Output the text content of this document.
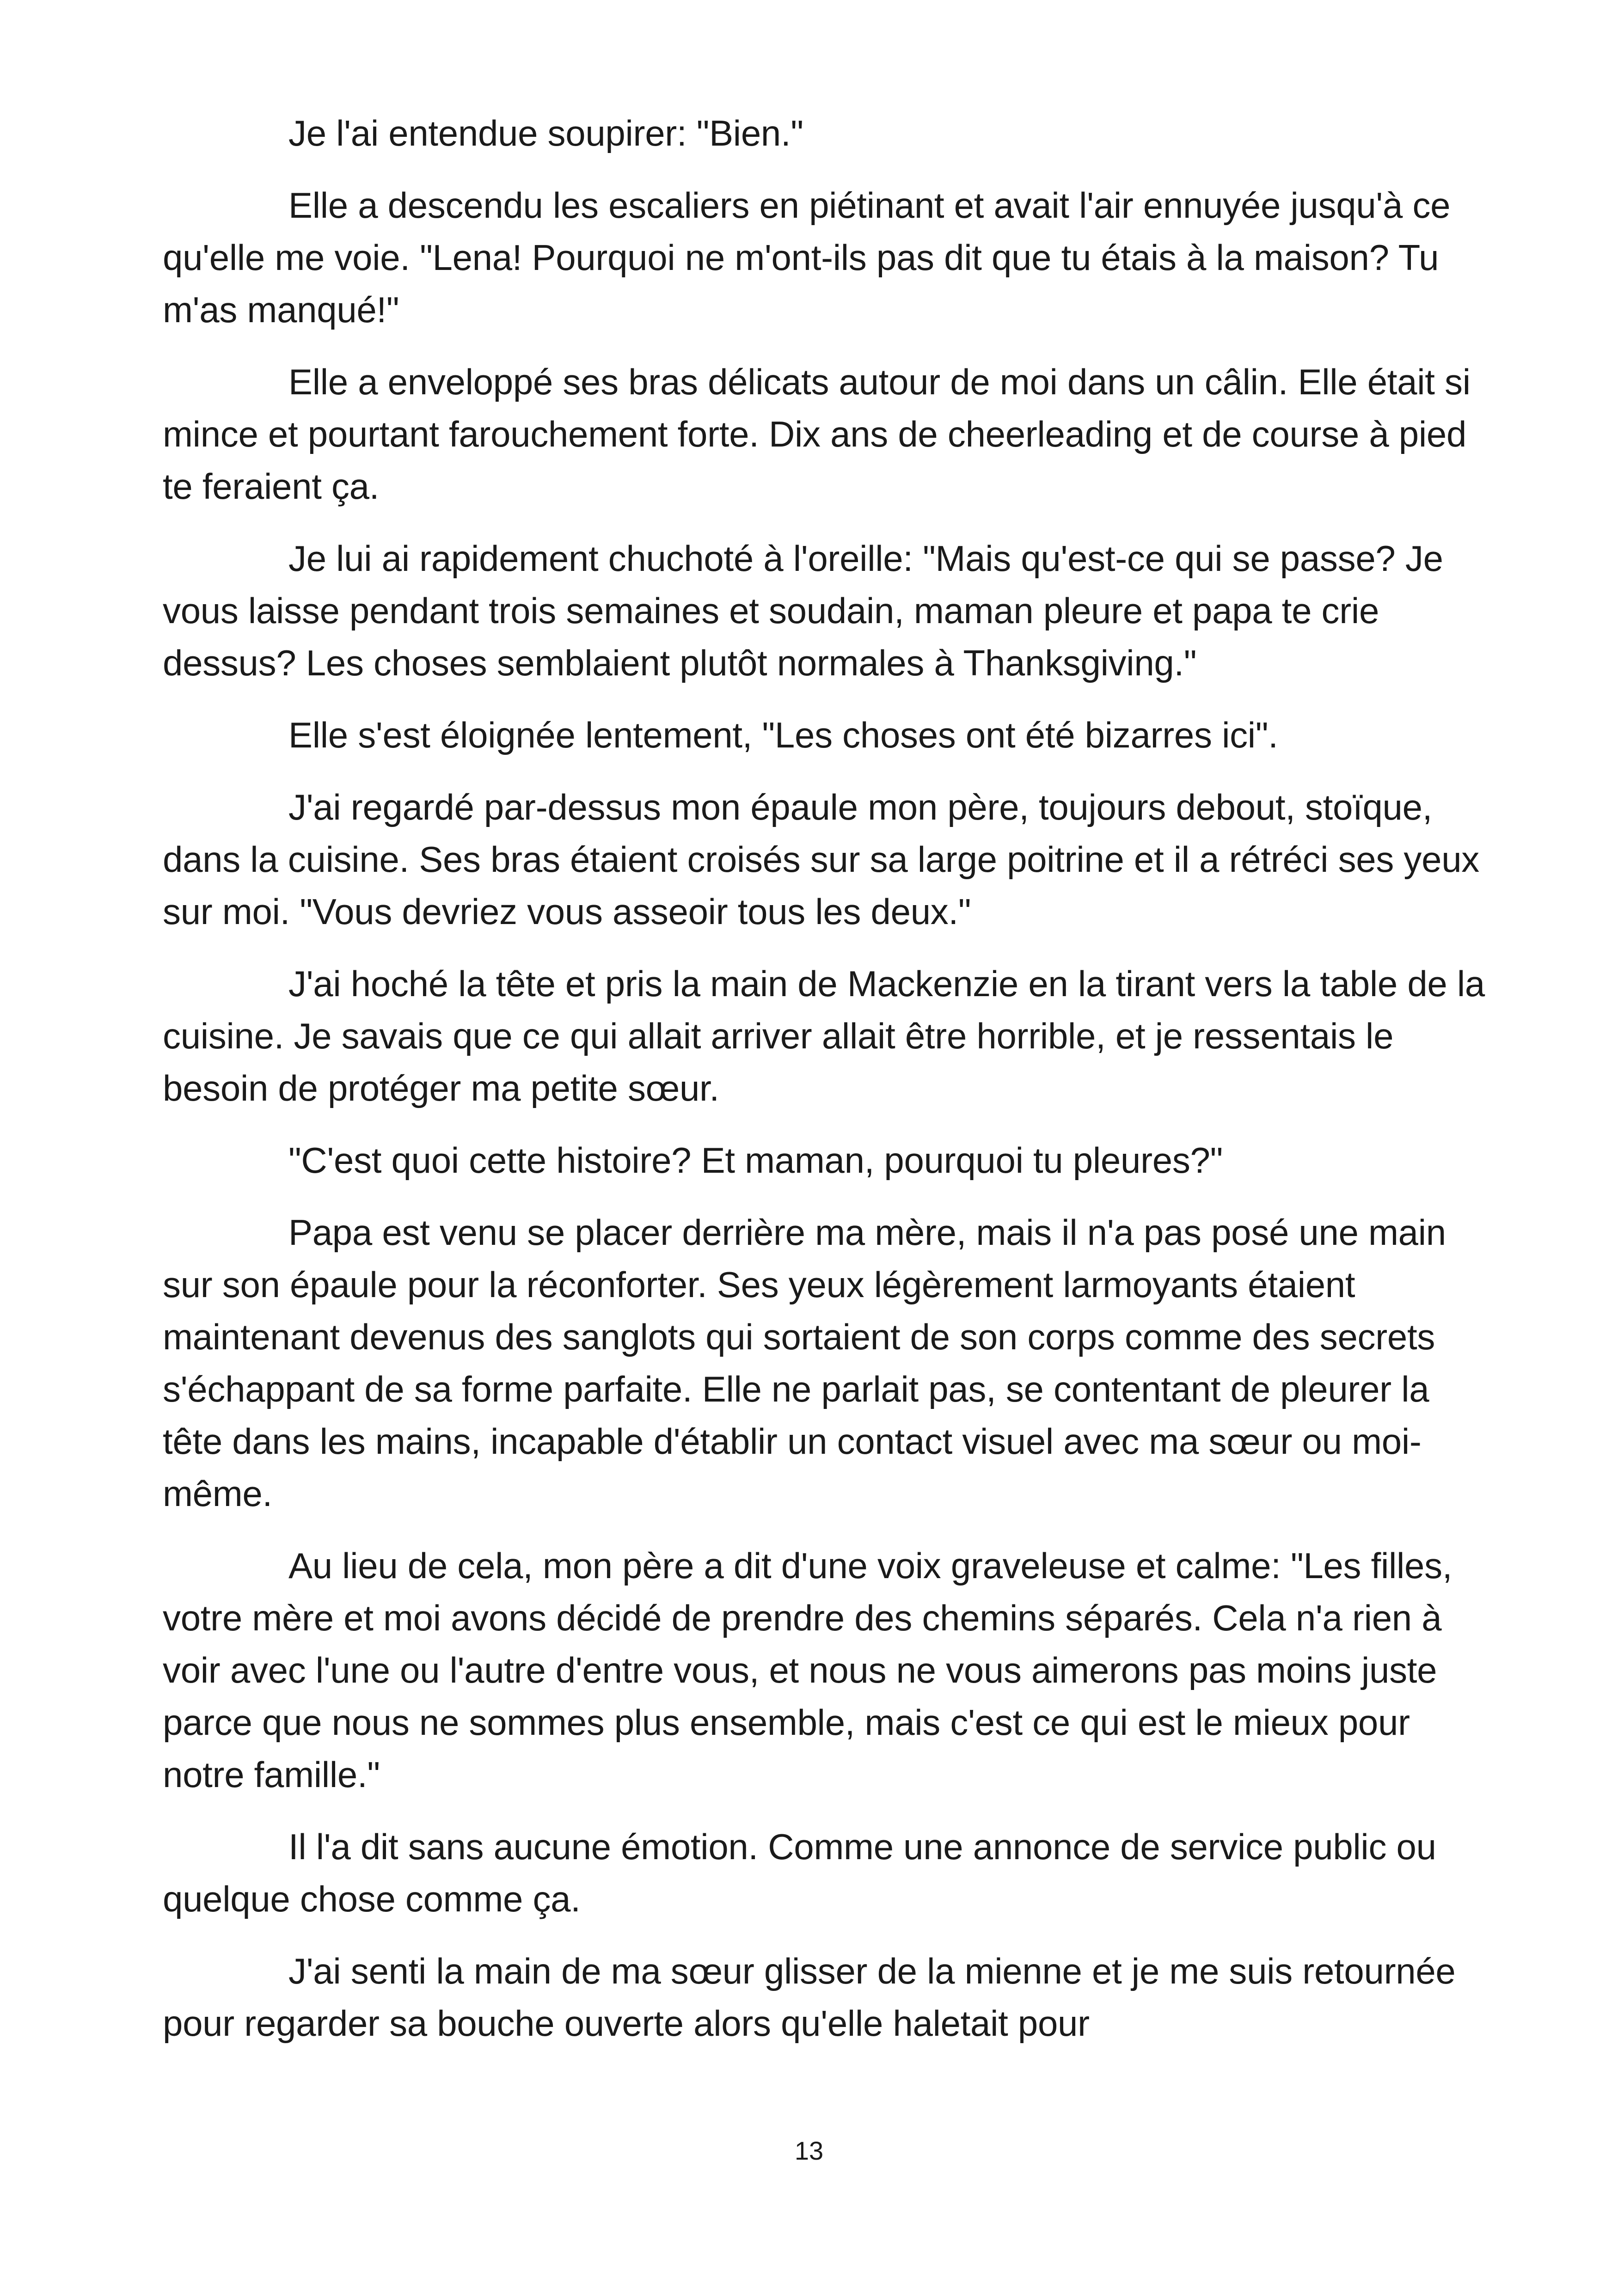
Je l'ai entendue soupirer: "Bien."

Elle a descendu les escaliers en piétinant et avait l'air ennuyée jusqu'à ce qu'elle me voie. "Lena! Pourquoi ne m'ont-ils pas dit que tu étais à la maison? Tu m'as manqué!"

Elle a enveloppé ses bras délicats autour de moi dans un câlin. Elle était si mince et pourtant farouchement forte. Dix ans de cheerleading et de course à pied te feraient ça.

Je lui ai rapidement chuchoté à l'oreille: "Mais qu'est-ce qui se passe? Je vous laisse pendant trois semaines et soudain, maman pleure et papa te crie dessus? Les choses semblaient plutôt normales à Thanksgiving."

Elle s'est éloignée lentement, "Les choses ont été bizarres ici".

J'ai regardé par-dessus mon épaule mon père, toujours debout, stoïque, dans la cuisine. Ses bras étaient croisés sur sa large poitrine et il a rétréci ses yeux sur moi. "Vous devriez vous asseoir tous les deux."

J'ai hoché la tête et pris la main de Mackenzie en la tirant vers la table de la cuisine. Je savais que ce qui allait arriver allait être horrible, et je ressentais le besoin de protéger ma petite sœur.

"C'est quoi cette histoire? Et maman, pourquoi tu pleures?"

Papa est venu se placer derrière ma mère, mais il n'a pas posé une main sur son épaule pour la réconforter. Ses yeux légèrement larmoyants étaient maintenant devenus des sanglots qui sortaient de son corps comme des secrets s'échappant de sa forme parfaite. Elle ne parlait pas, se contentant de pleurer la tête dans les mains, incapable d'établir un contact visuel avec ma sœur ou moi-même.

Au lieu de cela, mon père a dit d'une voix graveleuse et calme: "Les filles, votre mère et moi avons décidé de prendre des chemins séparés. Cela n'a rien à voir avec l'une ou l'autre d'entre vous, et nous ne vous aimerons pas moins juste parce que nous ne sommes plus ensemble, mais c'est ce qui est le mieux pour notre famille."

Il l'a dit sans aucune émotion. Comme une annonce de service public ou quelque chose comme ça.

J'ai senti la main de ma sœur glisser de la mienne et je me suis retournée pour regarder sa bouche ouverte alors qu'elle haletait pour

13
